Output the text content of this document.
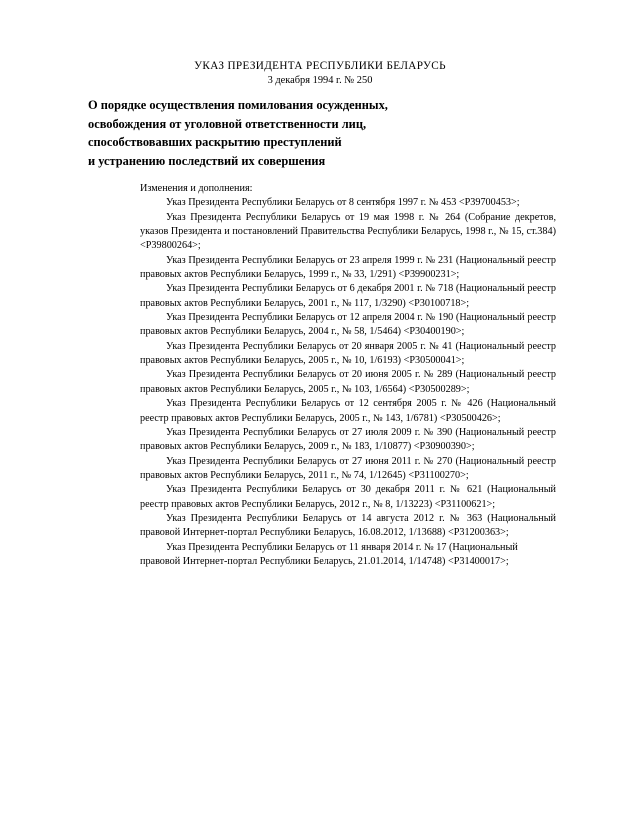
УКАЗ ПРЕЗИДЕНТА РЕСПУБЛИКИ БЕЛАРУСЬ
3 декабря 1994 г. № 250
О порядке осуществления помилования осужденных,
освобождения от уголовной ответственности лиц,
способствовавших раскрытию преступлений
и устранению последствий их совершения

Изменения и дополнения:

Указ Президента Республики Беларусь от 8 сентября 1997 г. № 453 <P39700453>;

Указ Президента Республики Беларусь от 19 мая 1998 г. № 264 (Собрание декретов, указов Президента и постановлений Правительства Республики Беларусь, 1998 г., № 15, ст.384) <P39800264>;

Указ Президента Республики Беларусь от 23 апреля 1999 г. № 231 (Национальный реестр правовых актов Республики Беларусь, 1999 г., № 33, 1/291) <P39900231>;

Указ Президента Республики Беларусь от 6 декабря 2001 г. № 718 (Национальный реестр правовых актов Республики Беларусь, 2001 г., № 117, 1/3290) <P30100718>;

Указ Президента Республики Беларусь от 12 апреля 2004 г. № 190 (Национальный реестр правовых актов Республики Беларусь, 2004 г., № 58, 1/5464) <P30400190>;

Указ Президента Республики Беларусь от 20 января 2005 г. № 41 (Национальный реестр правовых актов Республики Беларусь, 2005 г., № 10, 1/6193) <P30500041>;

Указ Президента Республики Беларусь от 20 июня 2005 г. № 289 (Национальный реестр правовых актов Республики Беларусь, 2005 г., № 103, 1/6564) <P30500289>;

Указ Президента Республики Беларусь от 12 сентября 2005 г. № 426 (Национальный реестр правовых актов Республики Беларусь, 2005 г., № 143, 1/6781) <P30500426>;

Указ Президента Республики Беларусь от 27 июля 2009 г. № 390 (Национальный реестр правовых актов Республики Беларусь, 2009 г., № 183, 1/10877) <P30900390>;

Указ Президента Республики Беларусь от 27 июня 2011 г. № 270 (Национальный реестр правовых актов Республики Беларусь, 2011 г., № 74, 1/12645) <P31100270>;

Указ Президента Республики Беларусь от 30 декабря 2011 г. № 621 (Национальный реестр правовых актов Республики Беларусь, 2012 г., № 8, 1/13223) <P31100621>;

Указ Президента Республики Беларусь от 14 августа 2012 г. № 363 (Национальный правовой Интернет-портал Республики Беларусь, 16.08.2012, 1/13688) <P31200363>;

Указ Президента Республики Беларусь от 11 января 2014 г. № 17 (Национальный правовой Интернет-портал Республики Беларусь, 21.01.2014, 1/14748) <P31400017>;
